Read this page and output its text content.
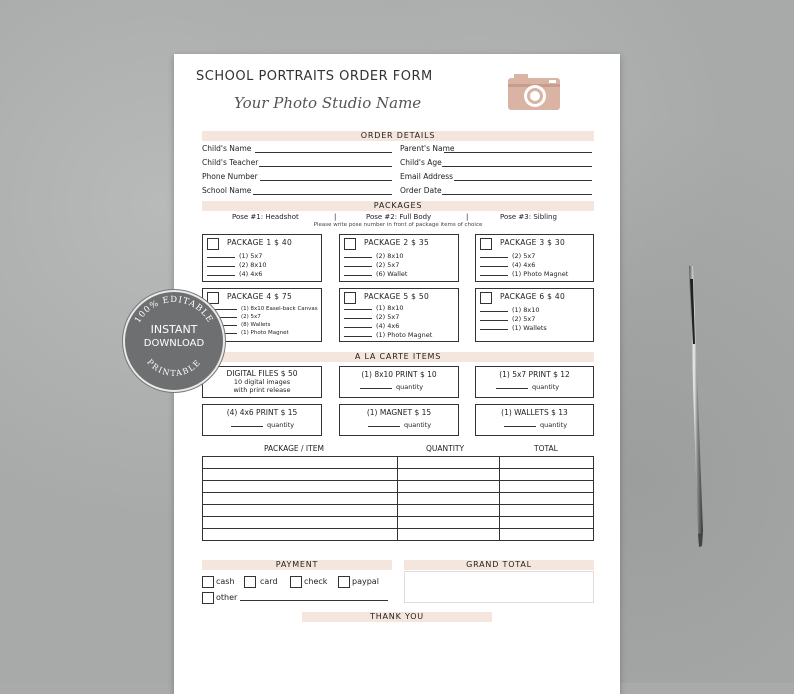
SCHOOL PORTRAITS ORDER FORM
Your Photo Studio Name
ORDER DETAILS
Child's Name
Child's Teacher
Phone Number
School Name
Parent's Name
Child's Age
Email Address
Order Date
PACKAGES
Pose #1: Headshot	|	Pose #2: Full Body	|	Pose #3: Sibling
Please write pose number in front of package items of choice
PACKAGE 1 $ 40
(1) 5x7
(2) 8x10
(4) 4x6
PACKAGE 2 $ 35
(2) 8x10
(2) 5x7
(6) Wallet
PACKAGE 3 $ 30
(2) 5x7
(4) 4x6
(1) Photo Magnet
PACKAGE 4 $ 75
(1) 8x10 Easel-back Canvas
(2) 5x7
(8) Wallets
(1) Photo Magnet
PACKAGE 5 $ 50
(1) 8x10
(2) 5x7
(4) 4x6
(1) Photo Magnet
PACKAGE 6 $ 40
(1) 8x10
(2) 5x7
(1) Wallets
A LA CARTE ITEMS
DIGITAL FILES $ 50
10 digital images
with print release
(1) 8x10 PRINT $ 10
quantity
(1) 5x7 PRINT $ 12
quantity
(4) 4x6 PRINT $ 15
quantity
(1) MAGNET $ 15
quantity
(1) WALLETS $ 13
quantity
PACKAGE / ITEM	QUANTITY	TOTAL

PAYMENT	GRAND TOTAL
cash	card	check	paypal
other
THANK YOU
100% EDITABLE
PRINTABLE
INSTANT
DOWNLOAD
